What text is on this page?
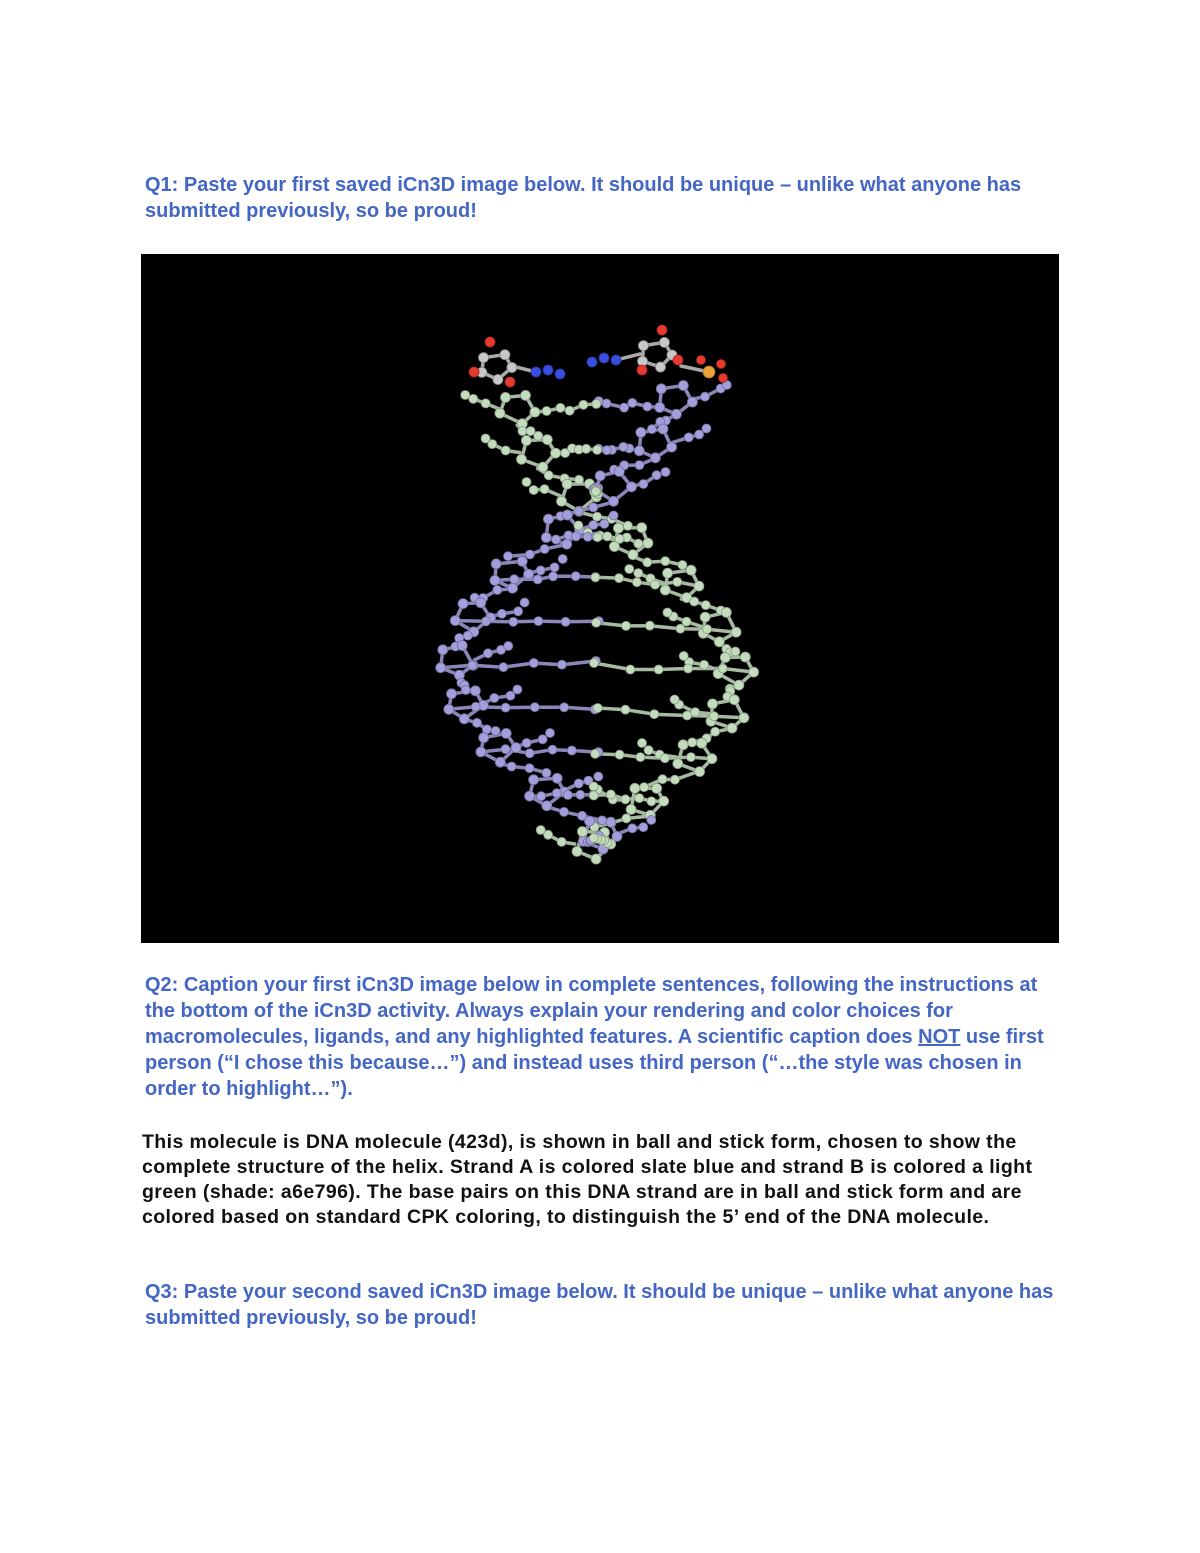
Q1: Paste your first saved iCn3D image below. It should be unique – unlike what anyone has submitted previously, so be proud!

Q2: Caption your first iCn3D image below in complete sentences, following the instructions at the bottom of the iCn3D activity. Always explain your rendering and color choices for macromolecules, ligands, and any highlighted features. A scientific caption does NOT use first person (“I chose this because…”) and instead uses third person (“…the style was chosen in order to highlight…”).

This molecule is DNA molecule (423d), is shown in ball and stick form, chosen to show the complete structure of the helix. Strand A is colored slate blue and strand B is colored a light green (shade: a6e796). The base pairs on this DNA strand are in ball and stick form and are colored based on standard CPK coloring, to distinguish the 5’ end of the DNA molecule.

Q3: Paste your second saved iCn3D image below. It should be unique – unlike what anyone has submitted previously, so be proud!
